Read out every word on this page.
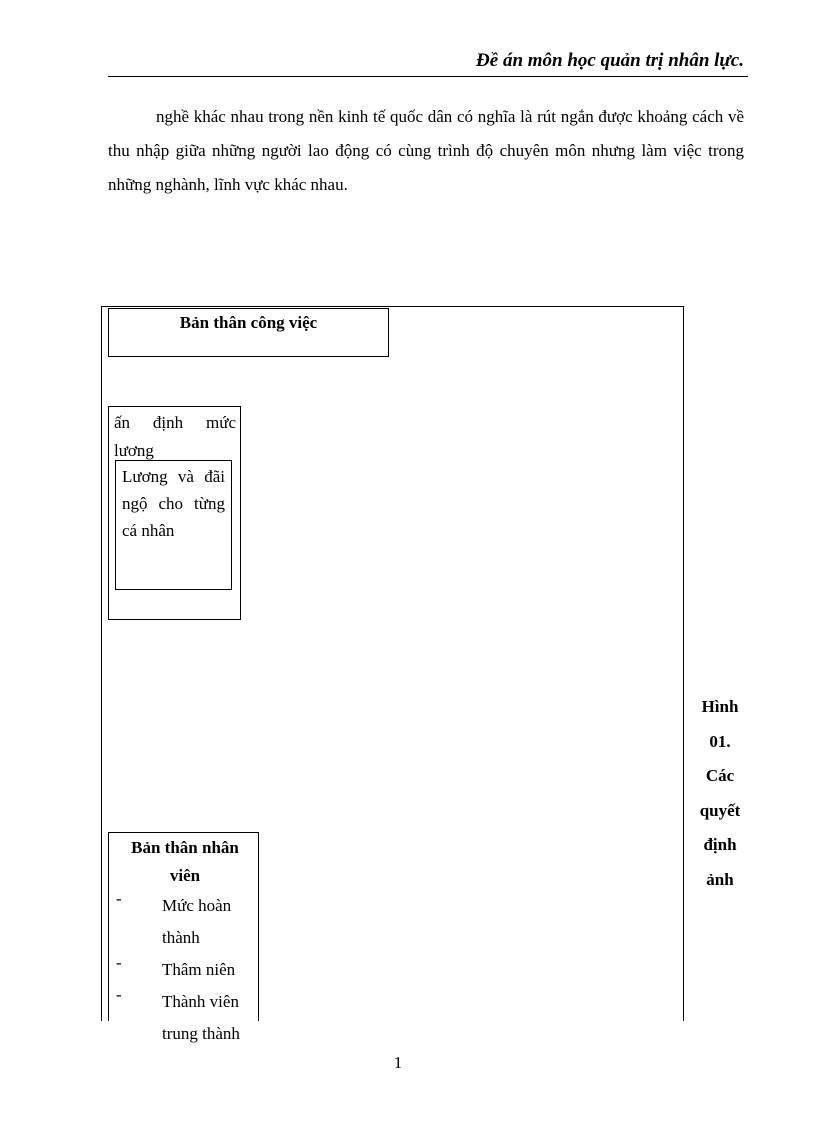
Đề án môn học quản trị nhân lực.
nghề khác nhau trong nền kinh tế quốc dân có nghĩa là rút ngắn được khoảng cách về thu nhập giữa những người lao động có cùng trình độ chuyên môn nhưng làm việc trong những nghành, lĩnh vực khác nhau.
Bản thân công việc
ấn định mức
lương
Lương và đãi ngộ cho từng cá nhân
Bản thân nhân viên
-	Mức hoàn thành
-	Thâm niên
-	Thành viên trung thành
Hình
01.
Các
quyết
định
ảnh
1
